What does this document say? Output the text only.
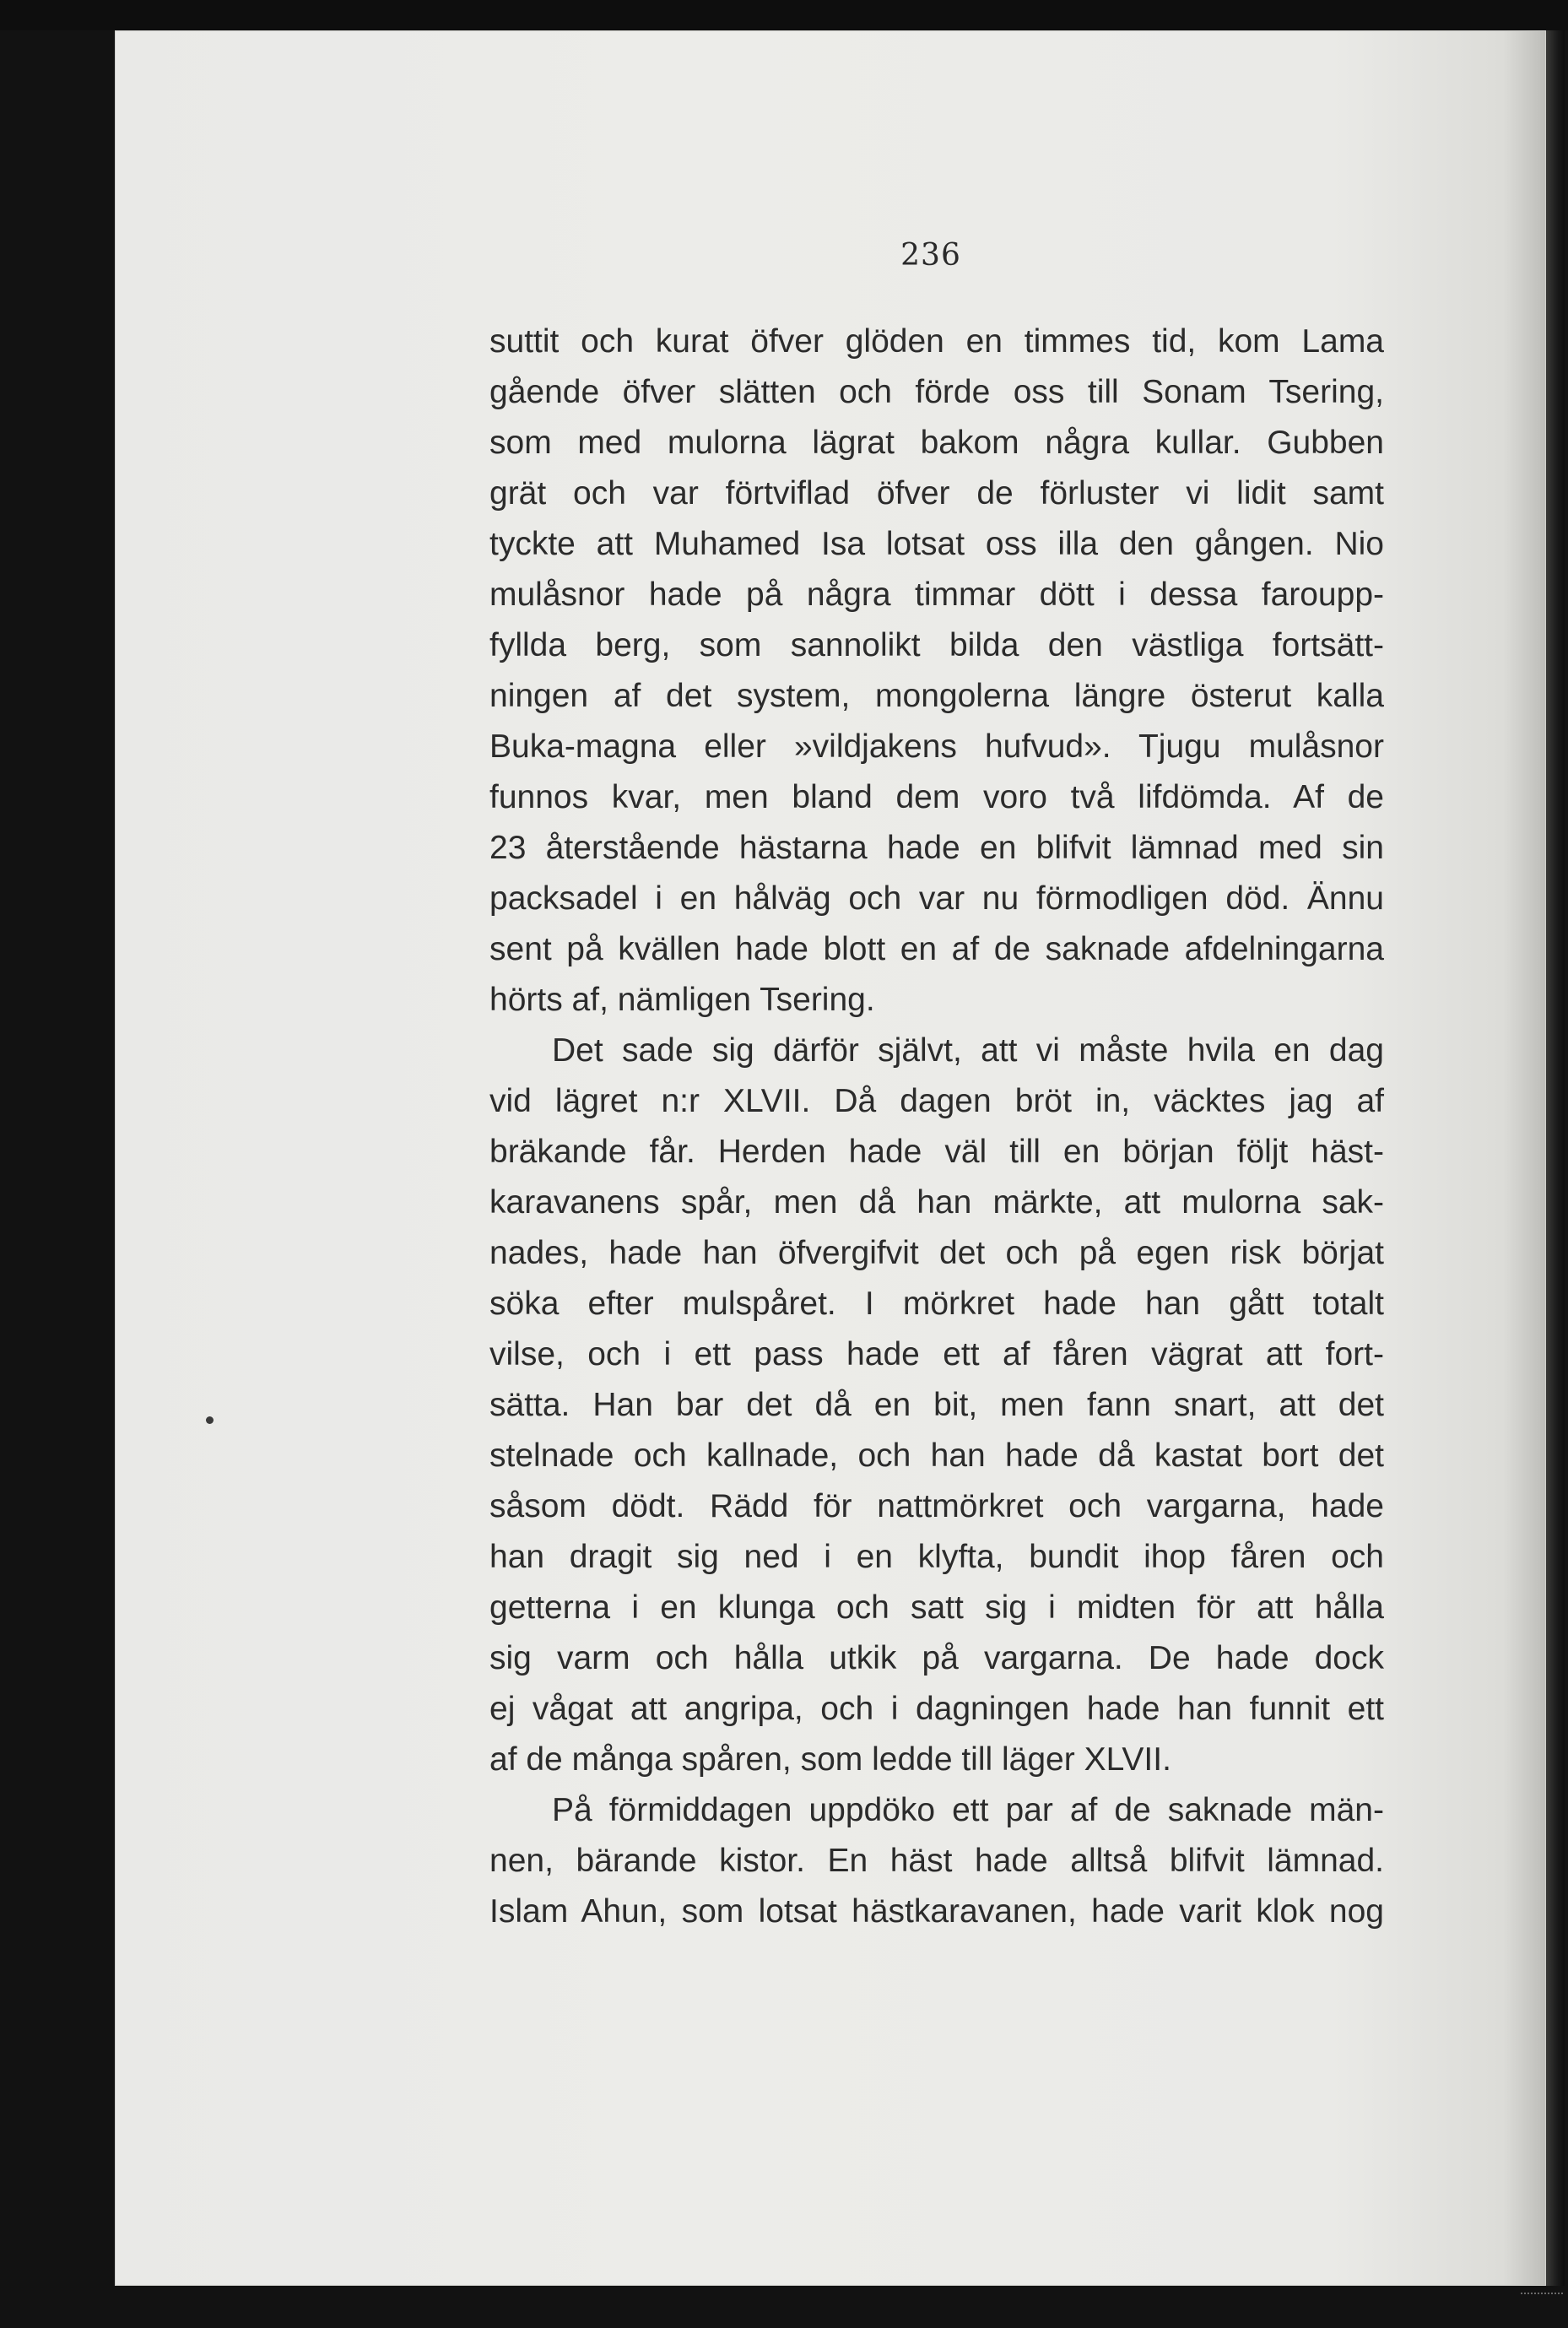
236
suttit och kurat öfver glöden en timmes tid, kom Lama
gående öfver slätten och förde oss till Sonam Tsering,
som med mulorna lägrat bakom några kullar. Gubben
grät och var förtviflad öfver de förluster vi lidit samt
tyckte att Muhamed Isa lotsat oss illa den gången. Nio
mulåsnor hade på några timmar dött i dessa faroupp-
fyllda berg, som sannolikt bilda den västliga fortsätt-
ningen af det system, mongolerna längre österut kalla
Buka-magna eller »vildjakens hufvud». Tjugu mulåsnor
funnos kvar, men bland dem voro två lifdömda. Af de
23 återstående hästarna hade en blifvit lämnad med sin
packsadel i en hålväg och var nu förmodligen död. Ännu
sent på kvällen hade blott en af de saknade afdelningarna
hörts af, nämligen Tsering.
Det sade sig därför självt, att vi måste hvila en dag
vid lägret n:r XLVII. Då dagen bröt in, väcktes jag af
bräkande får. Herden hade väl till en början följt häst-
karavanens spår, men då han märkte, att mulorna sak-
nades, hade han öfvergifvit det och på egen risk börjat
söka efter mulspåret. I mörkret hade han gått totalt
vilse, och i ett pass hade ett af fåren vägrat att fort-
sätta. Han bar det då en bit, men fann snart, att det
stelnade och kallnade, och han hade då kastat bort det
såsom dödt. Rädd för nattmörkret och vargarna, hade
han dragit sig ned i en klyfta, bundit ihop fåren och
getterna i en klunga och satt sig i midten för att hålla
sig varm och hålla utkik på vargarna. De hade dock
ej vågat att angripa, och i dagningen hade han funnit ett
af de många spåren, som ledde till läger XLVII.
På förmiddagen uppdöko ett par af de saknade män-
nen, bärande kistor. En häst hade alltså blifvit lämnad.
Islam Ahun, som lotsat hästkaravanen, hade varit klok nog
